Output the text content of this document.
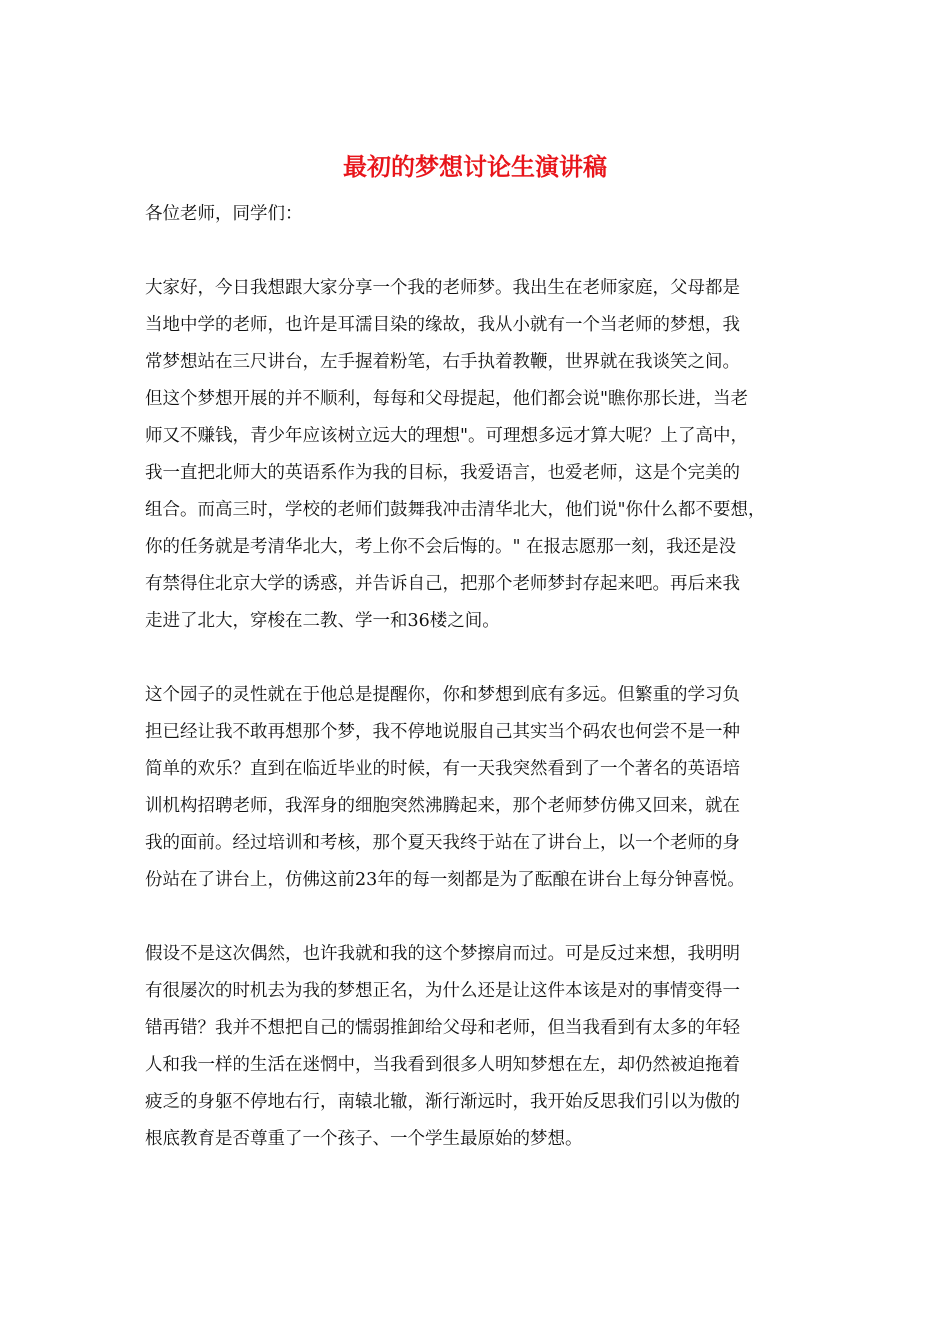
最初的梦想讨论生演讲稿
各位老师，同学们：
大家好，今日我想跟大家分享一个我的老师梦。我出生在老师家庭，父母都是
当地中学的老师，也许是耳濡目染的缘故，我从小就有一个当老师的梦想，我
常梦想站在三尺讲台，左手握着粉笔，右手执着教鞭，世界就在我谈笑之间。
但这个梦想开展的并不顺利，每每和父母提起，他们都会说"瞧你那长进，当老
师又不赚钱，青少年应该树立远大的理想"。可理想多远才算大呢？上了高中，
我一直把北师大的英语系作为我的目标，我爱语言，也爱老师，这是个完美的
组合。而高三时，学校的老师们鼓舞我冲击清华北大，他们说"你什么都不要想，
你的任务就是考清华北大，考上你不会后悔的。" 在报志愿那一刻，我还是没
有禁得住北京大学的诱惑，并告诉自己，把那个老师梦封存起来吧。再后来我
走进了北大，穿梭在二教、学一和36楼之间。
这个园子的灵性就在于他总是提醒你，你和梦想到底有多远。但繁重的学习负
担已经让我不敢再想那个梦，我不停地说服自己其实当个码农也何尝不是一种
简单的欢乐？直到在临近毕业的时候，有一天我突然看到了一个著名的英语培
训机构招聘老师，我浑身的细胞突然沸腾起来，那个老师梦仿佛又回来，就在
我的面前。经过培训和考核，那个夏天我终于站在了讲台上，以一个老师的身
份站在了讲台上，仿佛这前23年的每一刻都是为了酝酿在讲台上每分钟喜悦。
假设不是这次偶然，也许我就和我的这个梦擦肩而过。可是反过来想，我明明
有很屡次的时机去为我的梦想正名，为什么还是让这件本该是对的事情变得一
错再错？我并不想把自己的懦弱推卸给父母和老师，但当我看到有太多的年轻
人和我一样的生活在迷惘中，当我看到很多人明知梦想在左，却仍然被迫拖着
疲乏的身躯不停地右行，南辕北辙，渐行渐远时，我开始反思我们引以为傲的
根底教育是否尊重了一个孩子、一个学生最原始的梦想。
